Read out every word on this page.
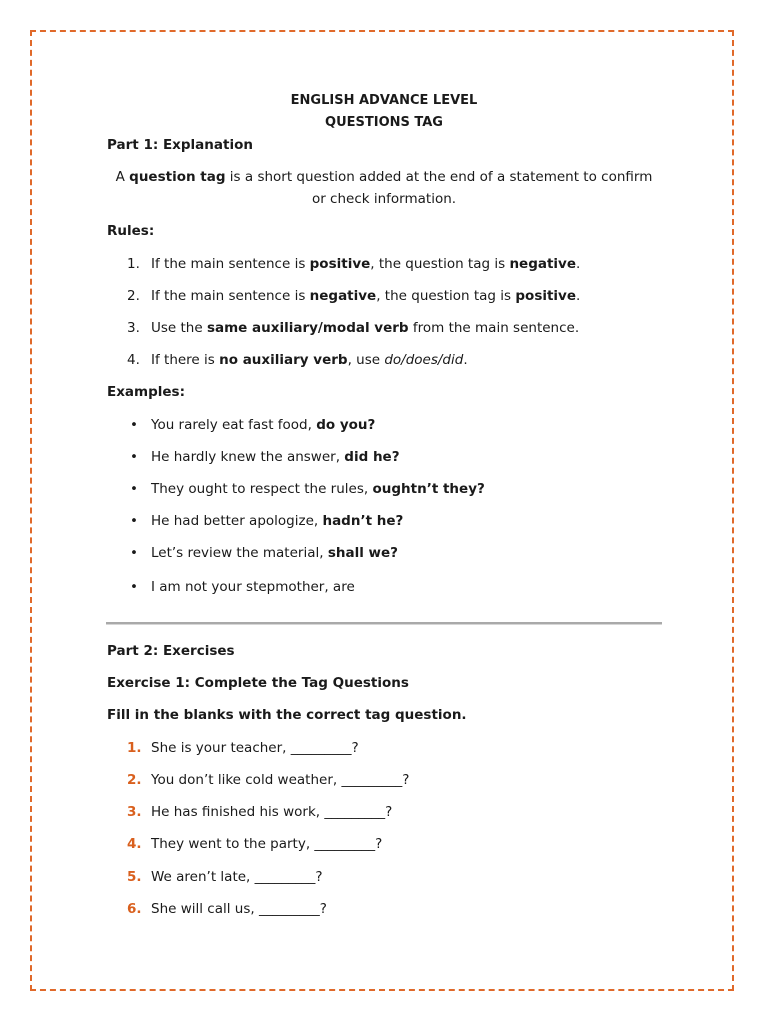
ENGLISH ADVANCE LEVEL
QUESTIONS TAG
Part 1: Explanation
A question tag is a short question added at the end of a statement to confirm or check information.
Rules:
1. If the main sentence is positive, the question tag is negative.
2. If the main sentence is negative, the question tag is positive.
3. Use the same auxiliary/modal verb from the main sentence.
4. If there is no auxiliary verb, use do/does/did.
Examples:
• You rarely eat fast food, do you?
• He hardly knew the answer, did he?
• They ought to respect the rules, oughtn’t they?
• He had better apologize, hadn’t he?
• Let’s review the material, shall we?
• I am not your stepmother, are
Part 2: Exercises
Exercise 1: Complete the Tag Questions
Fill in the blanks with the correct tag question.
1. She is your teacher, _________?
2. You don’t like cold weather, _________?
3. He has finished his work, _________?
4. They went to the party, _________?
5. We aren’t late, _________?
6. She will call us, _________?
